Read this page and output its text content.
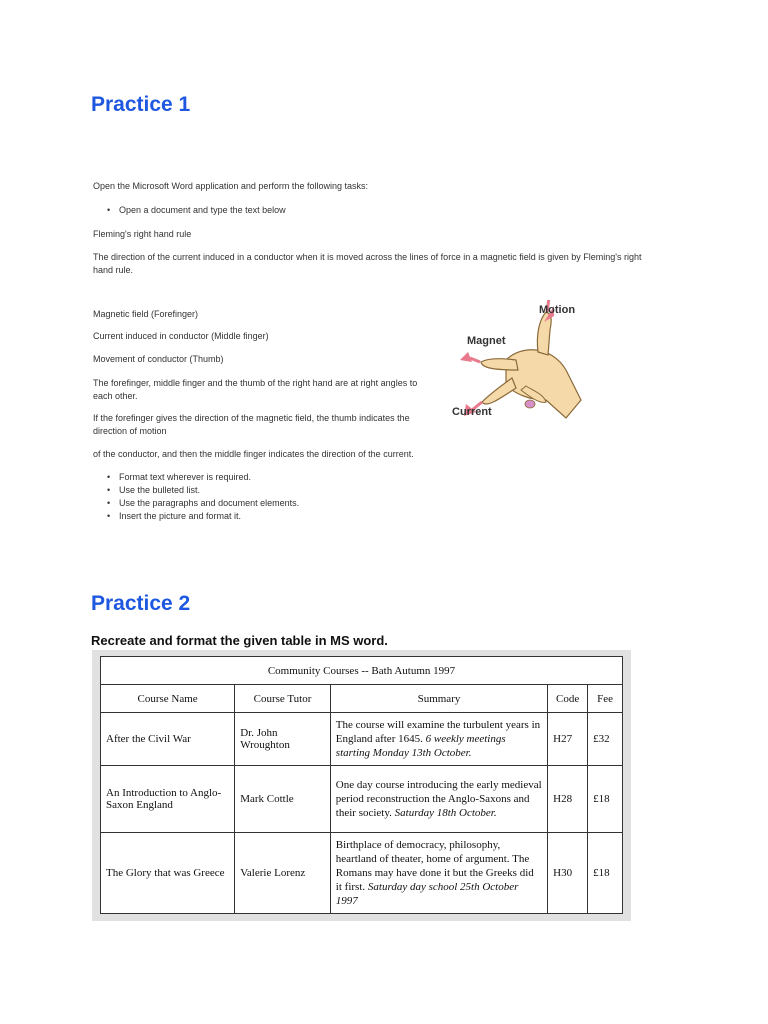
Practice 1

Open the Microsoft Word application and perform the following tasks:

• Open a document and type the text below

Fleming's right hand rule

The direction of the current induced in a conductor when it is moved across the lines of force in a magnetic field is given by Fleming's right

hand rule.

Magnetic field (Forefinger)

Current induced in conductor (Middle finger)

Movement of conductor (Thumb)

The forefinger, middle finger and the thumb of the right hand are at right angles to

each other.

If the forefinger gives the direction of the magnetic field, the thumb indicates the

direction of motion

of the conductor, and then the middle finger indicates the direction of the current.

• Format text wherever is required.
• Use the bulleted list.
• Use the paragraphs and document elements.
• Insert the picture and format it.
Motion
Magnet
Current
Practice 2

Recreate and format the given table in MS word.

Community Courses -- Bath Autumn 1997				
Course Name	Course Tutor	Summary	Code	Fee
After the Civil War	Dr. John Wroughton	The course will examine the turbulent years in England after 1645. 6 weekly meetings starting Monday 13th October.	H27	£32
An Introduction to Anglo-Saxon England	Mark Cottle	One day course introducing the early medieval period reconstruction the Anglo-Saxons and their society. Saturday 18th October.	H28	£18
The Glory that was Greece	Valerie Lorenz	Birthplace of democracy, philosophy, heartland of theater, home of argument. The Romans may have done it but the Greeks did it first. Saturday day school 25th October 1997	H30	£18
